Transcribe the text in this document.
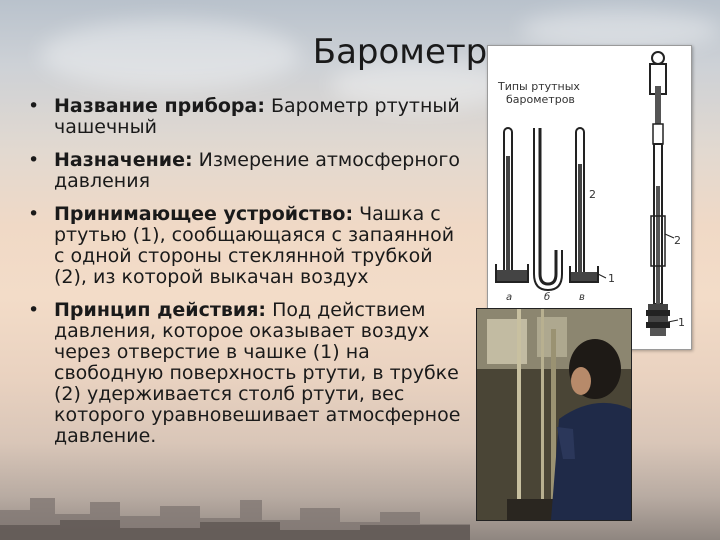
Барометр
• Название прибора: Барометр ртутный чашечный
• Назначение: Измерение атмосферного давления
• Принимающее устройство: Чашка с ртутью (1), сообщающаяся с запаянной с одной стороны стеклянной трубкой (2), из которой выкачан воздух
• Принцип действия: Под действием давления, которое оказывает воздух через отверстие в чашке (1) на свободную поверхность ртути, в трубке (2) удерживается столб ртути, вес которого уравновешивает атмосферное давление.
Типы ртутных
барометров
а	б	в
2
1
2
1
